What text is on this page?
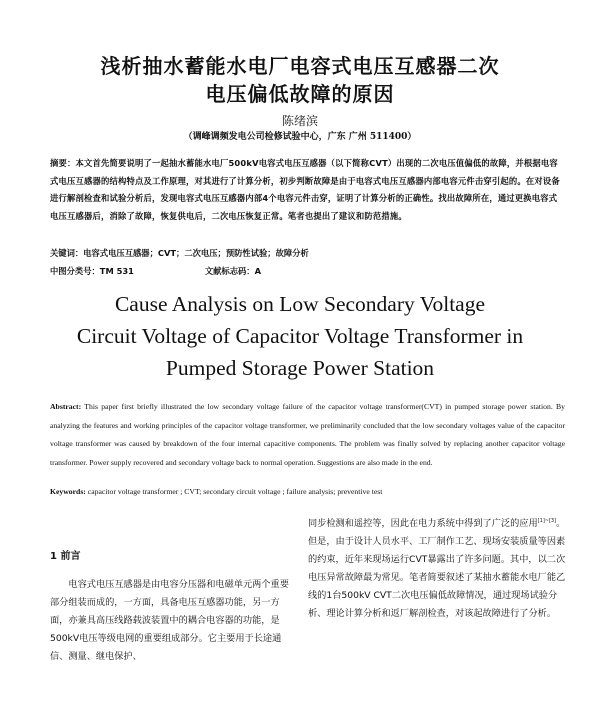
浅析抽水蓄能水电厂电容式电压互感器二次
电压偏低故障的原因
陈绪滨
（调峰调频发电公司检修试验中心，广东 广州 511400）
摘要：本文首先简要说明了一起抽水蓄能水电厂500kV电容式电压互感器（以下简称CVT）出现的二次电压值偏低的故障，并根据电容式电压互感器的结构特点及工作原理，对其进行了计算分析，初步判断故障是由于电容式电压互感器内部电容元件击穿引起的。在对设备进行解剖检查和试验分析后，发现电容式电压互感器内部4个电容元件击穿，证明了计算分析的正确性。找出故障所在，通过更换电容式电压互感器后，消除了故障，恢复供电后，二次电压恢复正常。笔者也提出了建议和防范措施。
关键词：电容式电压互感器；CVT；二次电压；预防性试验；故障分析
中图分类号：TM 531	文献标志码：A
Cause Analysis on Low Secondary Voltage
Circuit Voltage of Capacitor Voltage Transformer in
Pumped Storage Power Station
Abstract: This paper first briefly illustrated the low secondary voltage failure of the capacitor voltage transformer(CVT) in pumped storage power station. By analyzing the features and working principles of the capacitor voltage transformer, we preliminarily concluded that the low secondary voltages value of the capacitor voltage transformer was caused by breakdown of the four internal capacitive components. The problem was finally solved by replacing another capacitor voltage transformer. Power supply recovered and secondary voltage back to normal operation. Suggestions are also made in the end.
Keywords: capacitor voltage transformer ; CVT; secondary circuit voltage ; failure analysis; preventive test
1 前言
电容式电压互感器是由电容分压器和电磁单元两个重要部分组装而成的，一方面，具备电压互感器功能，另一方面，亦兼具高压线路载波装置中的耦合电容器的功能，是500kV电压等级电网的重要组成部分。它主要用于长途通信、测量、继电保护、
同步检测和遥控等，因此在电力系统中得到了广泛的应用[1]~[3]。但是，由于设计人员水平、工厂制作工艺、现场安装质量等因素的约束，近年来现场运行CVT暴露出了许多问题。其中，以二次电压异常故障最为常见。笔者简要叙述了某抽水蓄能水电厂能乙线的1台500kV CVT二次电压偏低故障情况，通过现场试验分析、理论计算分析和返厂解剖检查，对该起故障进行了分析。
